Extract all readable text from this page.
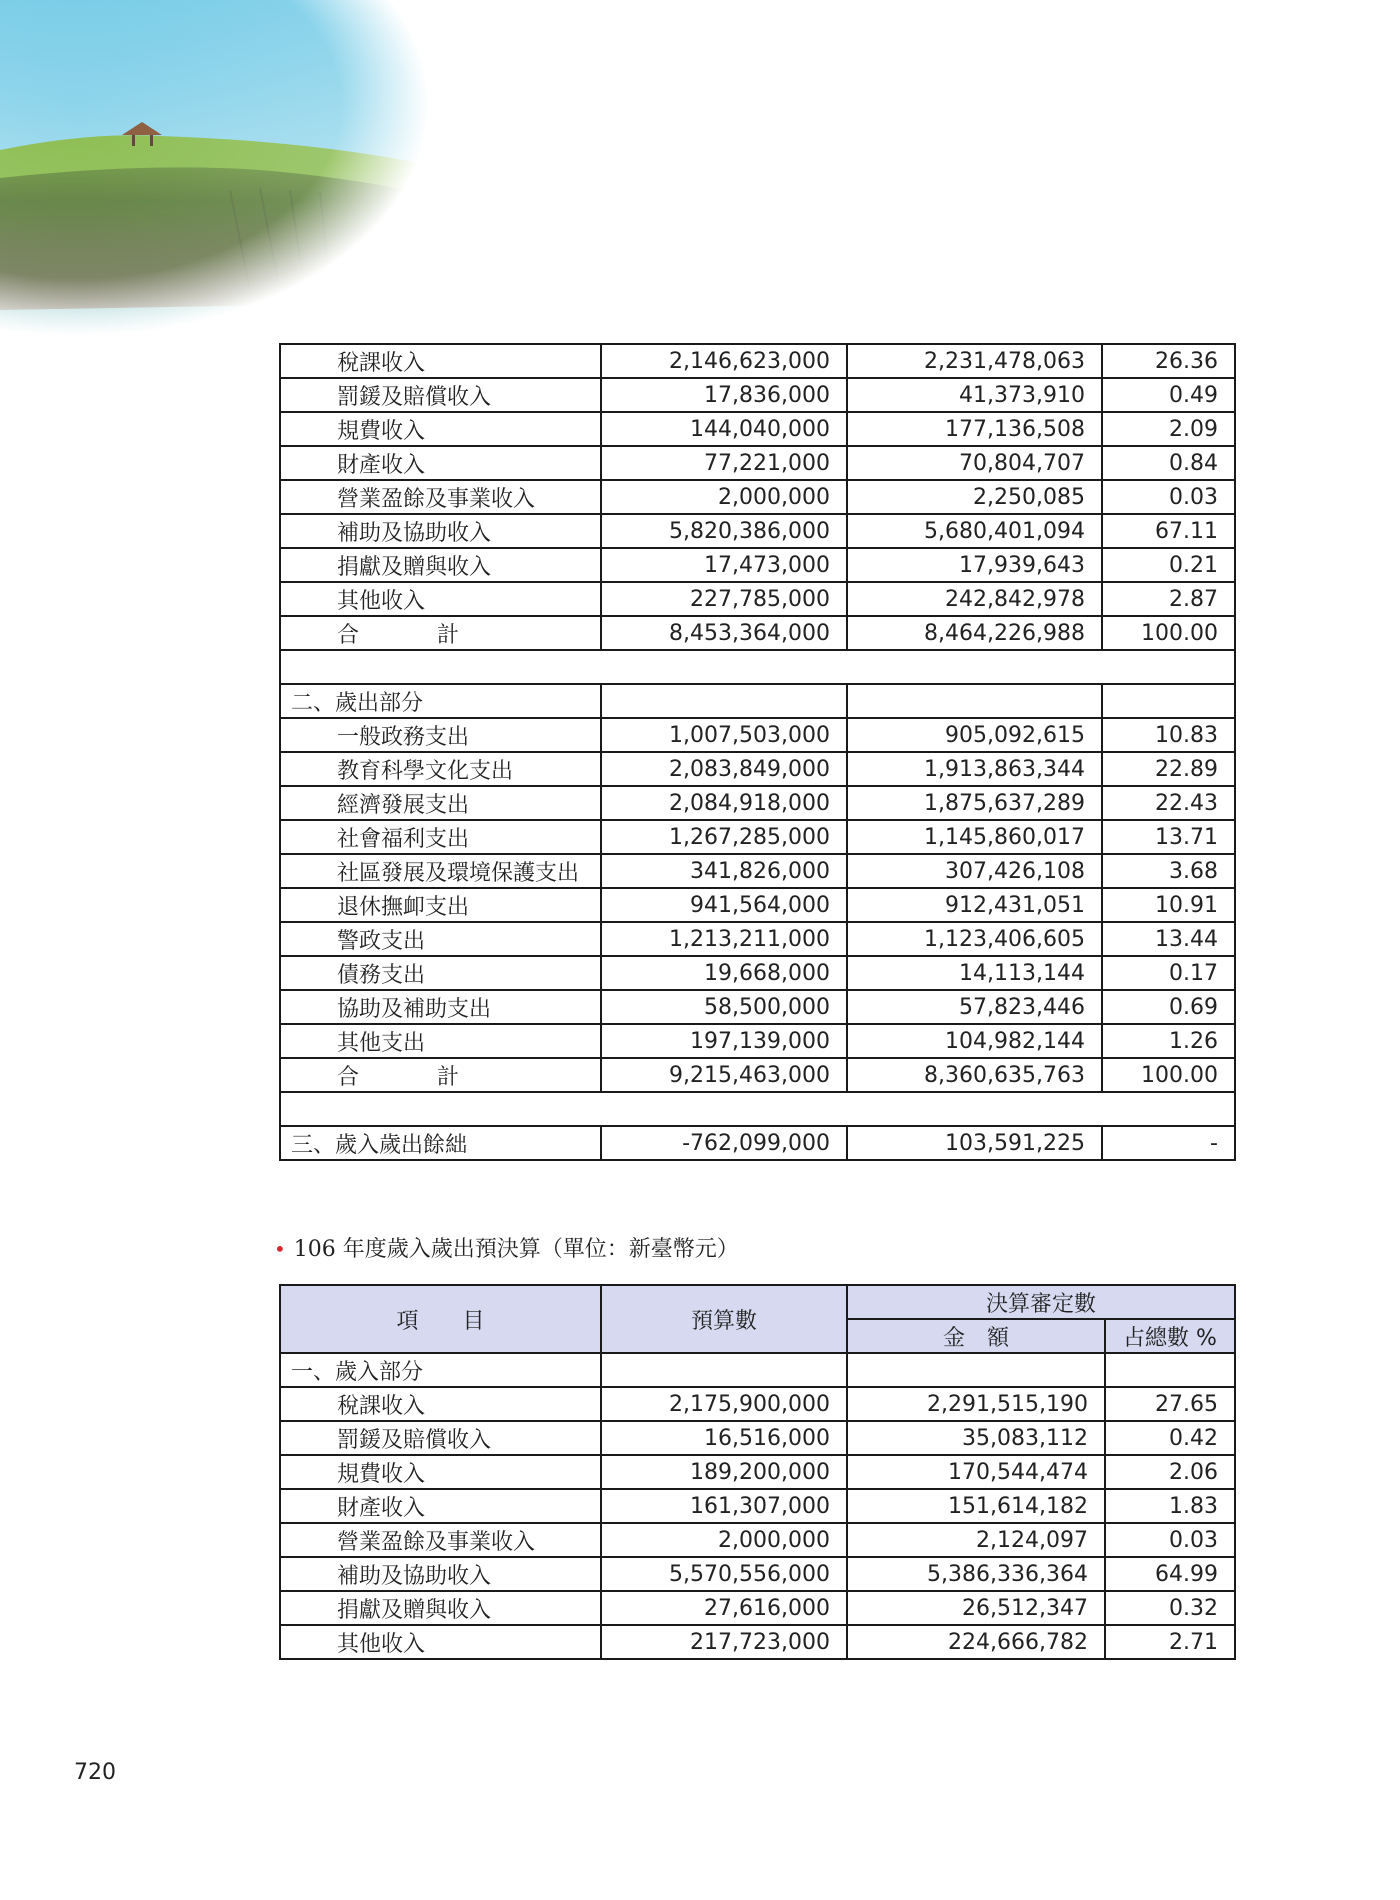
稅課收入	2,146,623,000	2,231,478,063	26.36
罰鍰及賠償收入	17,836,000	41,373,910	0.49
規費收入	144,040,000	177,136,508	2.09
財產收入	77,221,000	70,804,707	0.84
營業盈餘及事業收入	2,000,000	2,250,085	0.03
補助及協助收入	5,820,386,000	5,680,401,094	67.11
捐獻及贈與收入	17,473,000	17,939,643	0.21
其他收入	227,785,000	242,842,978	2.87
合 計	8,453,364,000	8,464,226,988	100.00

二、歲出部分			
一般政務支出	1,007,503,000	905,092,615	10.83
教育科學文化支出	2,083,849,000	1,913,863,344	22.89
經濟發展支出	2,084,918,000	1,875,637,289	22.43
社會福利支出	1,267,285,000	1,145,860,017	13.71
社區發展及環境保護支出	341,826,000	307,426,108	3.68
退休撫卹支出	941,564,000	912,431,051	10.91
警政支出	1,213,211,000	1,123,406,605	13.44
債務支出	19,668,000	14,113,144	0.17
協助及補助支出	58,500,000	57,823,446	0.69
其他支出	197,139,000	104,982,144	1.26
合 計	9,215,463,000	8,360,635,763	100.00

三、歲入歲出餘絀	-762,099,000	103,591,225	-
• 106 年度歲入歲出預決算（單位：新臺幣元）
項　　目	預算數	決算審定數	
		金　額	占總數 %
一、歲入部分			
稅課收入	2,175,900,000	2,291,515,190	27.65
罰鍰及賠償收入	16,516,000	35,083,112	0.42
規費收入	189,200,000	170,544,474	2.06
財產收入	161,307,000	151,614,182	1.83
營業盈餘及事業收入	2,000,000	2,124,097	0.03
補助及協助收入	5,570,556,000	5,386,336,364	64.99
捐獻及贈與收入	27,616,000	26,512,347	0.32
其他收入	217,723,000	224,666,782	2.71
720
